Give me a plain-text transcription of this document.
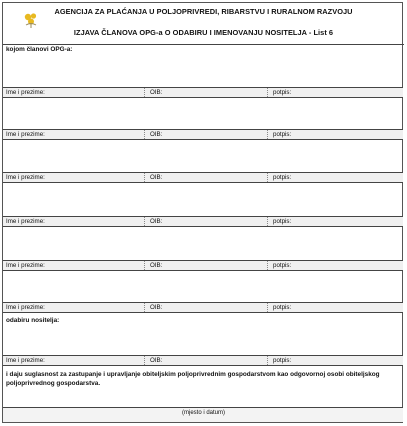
AGENCIJA ZA PLAĆANJA U POLJOPRIVREDI, RIBARSTVU I RURALNOM RAZVOJU
IZJAVA ČLANOVA OPG-a O ODABIRU I IMENOVANJU NOSITELJA - List 6
kojom članovi OPG-a:
Ime i prezime:	OIB:	potpis:
Ime i prezime:	OIB:	potpis:
Ime i prezime:	OIB:	potpis:
Ime i prezime:	OIB:	potpis:
Ime i prezime:	OIB:	potpis:
Ime i prezime:	OIB:	potpis:
odabiru nositelja:
Ime i prezime:	OIB:	potpis:
i daju suglasnost za zastupanje i upravljanje obiteljskim poljoprivrednim gospodarstvom kao odgovornoj osobi obiteljskog poljoprivrednog gospodarstva.
(mjesto i datum)
